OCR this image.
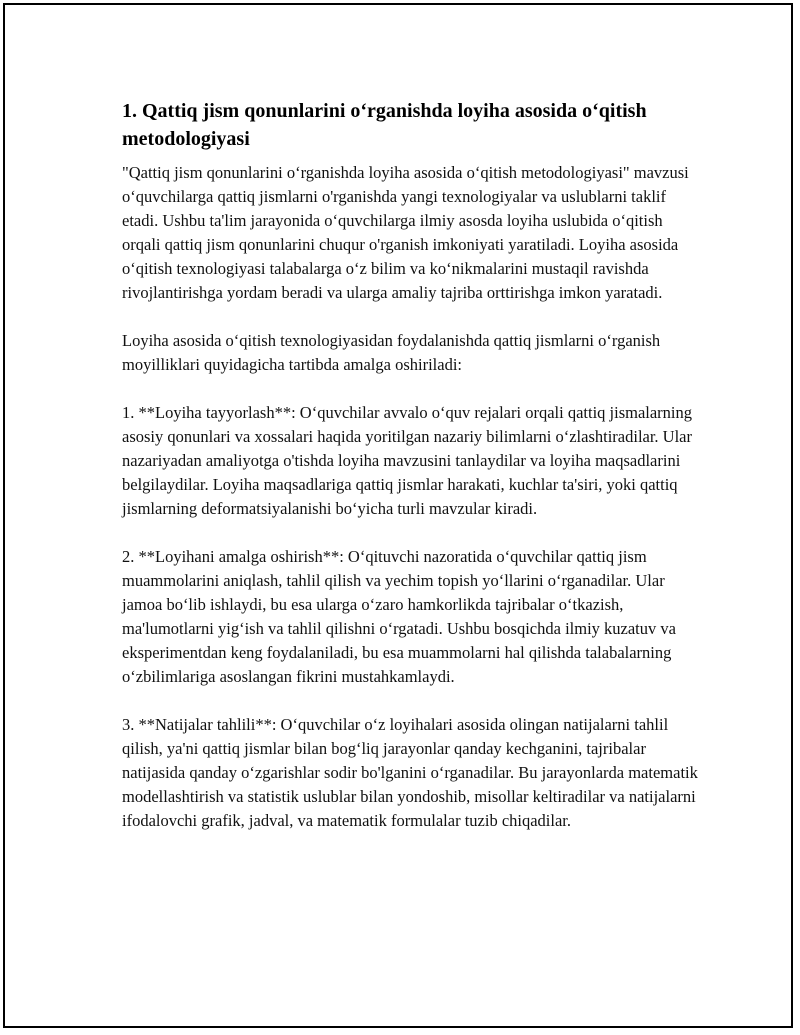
1. Qattiq jism qonunlarini o‘rganishda loyiha asosida o‘qitish metodologiyasi

"Qattiq jism qonunlarini o‘rganishda loyiha asosida o‘qitish metodologiyasi" mavzusi o‘quvchilarga qattiq jismlarni o'rganishda yangi texnologiyalar va uslublarni taklif etadi. Ushbu ta'lim jarayonida o‘quvchilarga ilmiy asosda loyiha uslubida o‘qitish orqali qattiq jism qonunlarini chuqur o'rganish imkoniyati yaratiladi. Loyiha asosida o‘qitish texnologiyasi talabalarga o‘z bilim va ko‘nikmalarini mustaqil ravishda rivojlantirishga yordam beradi va ularga amaliy tajriba orttirishga imkon yaratadi.

Loyiha asosida o‘qitish texnologiyasidan foydalanishda qattiq jismlarni o‘rganish moyilliklari quyidagicha tartibda amalga oshiriladi:

1. **Loyiha tayyorlash**: O‘quvchilar avvalo o‘quv rejalari orqali qattiq jismalarning asosiy qonunlari va xossalari haqida yoritilgan nazariy bilimlarni o‘zlashtiradilar. Ular nazariyadan amaliyotga o'tishda loyiha mavzusini tanlaydilar va loyiha maqsadlarini belgilaydilar. Loyiha maqsadlariga qattiq jismlar harakati, kuchlar ta'siri, yoki qattiq jismlarning deformatsiyalanishi bo‘yicha turli mavzular kiradi.

2. **Loyihani amalga oshirish**: O‘qituvchi nazoratida o‘quvchilar qattiq jism muammolarini aniqlash, tahlil qilish va yechim topish yo‘llarini o‘rganadilar. Ular jamoa bo‘lib ishlaydi, bu esa ularga o‘zaro hamkorlikda tajribalar o‘tkazish, ma'lumotlarni yig‘ish va tahlil qilishni o‘rgatadi. Ushbu bosqichda ilmiy kuzatuv va eksperimentdan keng foydalaniladi, bu esa muammolarni hal qilishda talabalarning o‘zbilimlariga asoslangan fikrini mustahkamlaydi.

3. **Natijalar tahlili**: O‘quvchilar o‘z loyihalari asosida olingan natijalarni tahlil qilish, ya'ni qattiq jismlar bilan bog‘liq jarayonlar qanday kechganini, tajribalar natijasida qanday o‘zgarishlar sodir bo'lganini o‘rganadilar. Bu jarayonlarda matematik modellashtirish va statistik uslublar bilan yondoshib, misollar keltiradilar va natijalarni ifodalovchi grafik, jadval, va matematik formulalar tuzib chiqadilar.
